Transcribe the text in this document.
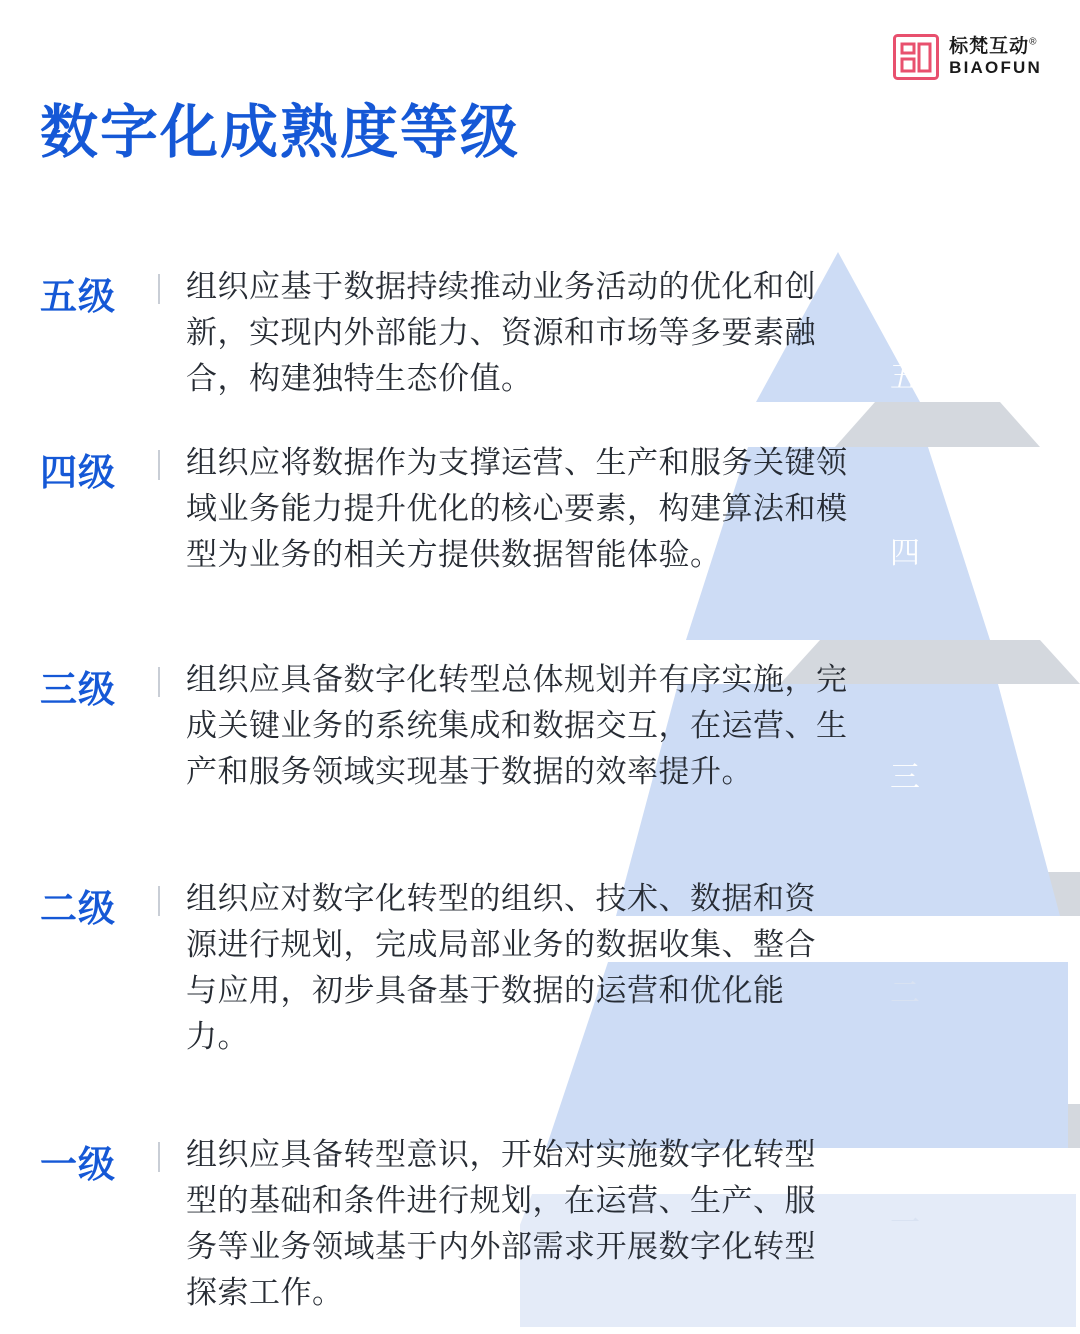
标梵互动®
BIAOFUN
数字化成熟度等级
五
四
三
二
一
五级	组织应基于数据持续推动业务活动的优化和创新，实现内外部能力、资源和市场等多要素融合，构建独特生态价值。
四级	组织应将数据作为支撑运营、生产和服务关键领域业务能力提升优化的核心要素，构建算法和模型为业务的相关方提供数据智能体验。
三级	组织应具备数字化转型总体规划并有序实施，完成关键业务的系统集成和数据交互，在运营、生产和服务领域实现基于数据的效率提升。
二级	组织应对数字化转型的组织、技术、数据和资源进行规划，完成局部业务的数据收集、整合与应用，初步具备基于数据的运营和优化能力。
一级	组织应具备转型意识，开始对实施数字化转型型的基础和条件进行规划，在运营、生产、服务等业务领域基于内外部需求开展数字化转型探索工作。
